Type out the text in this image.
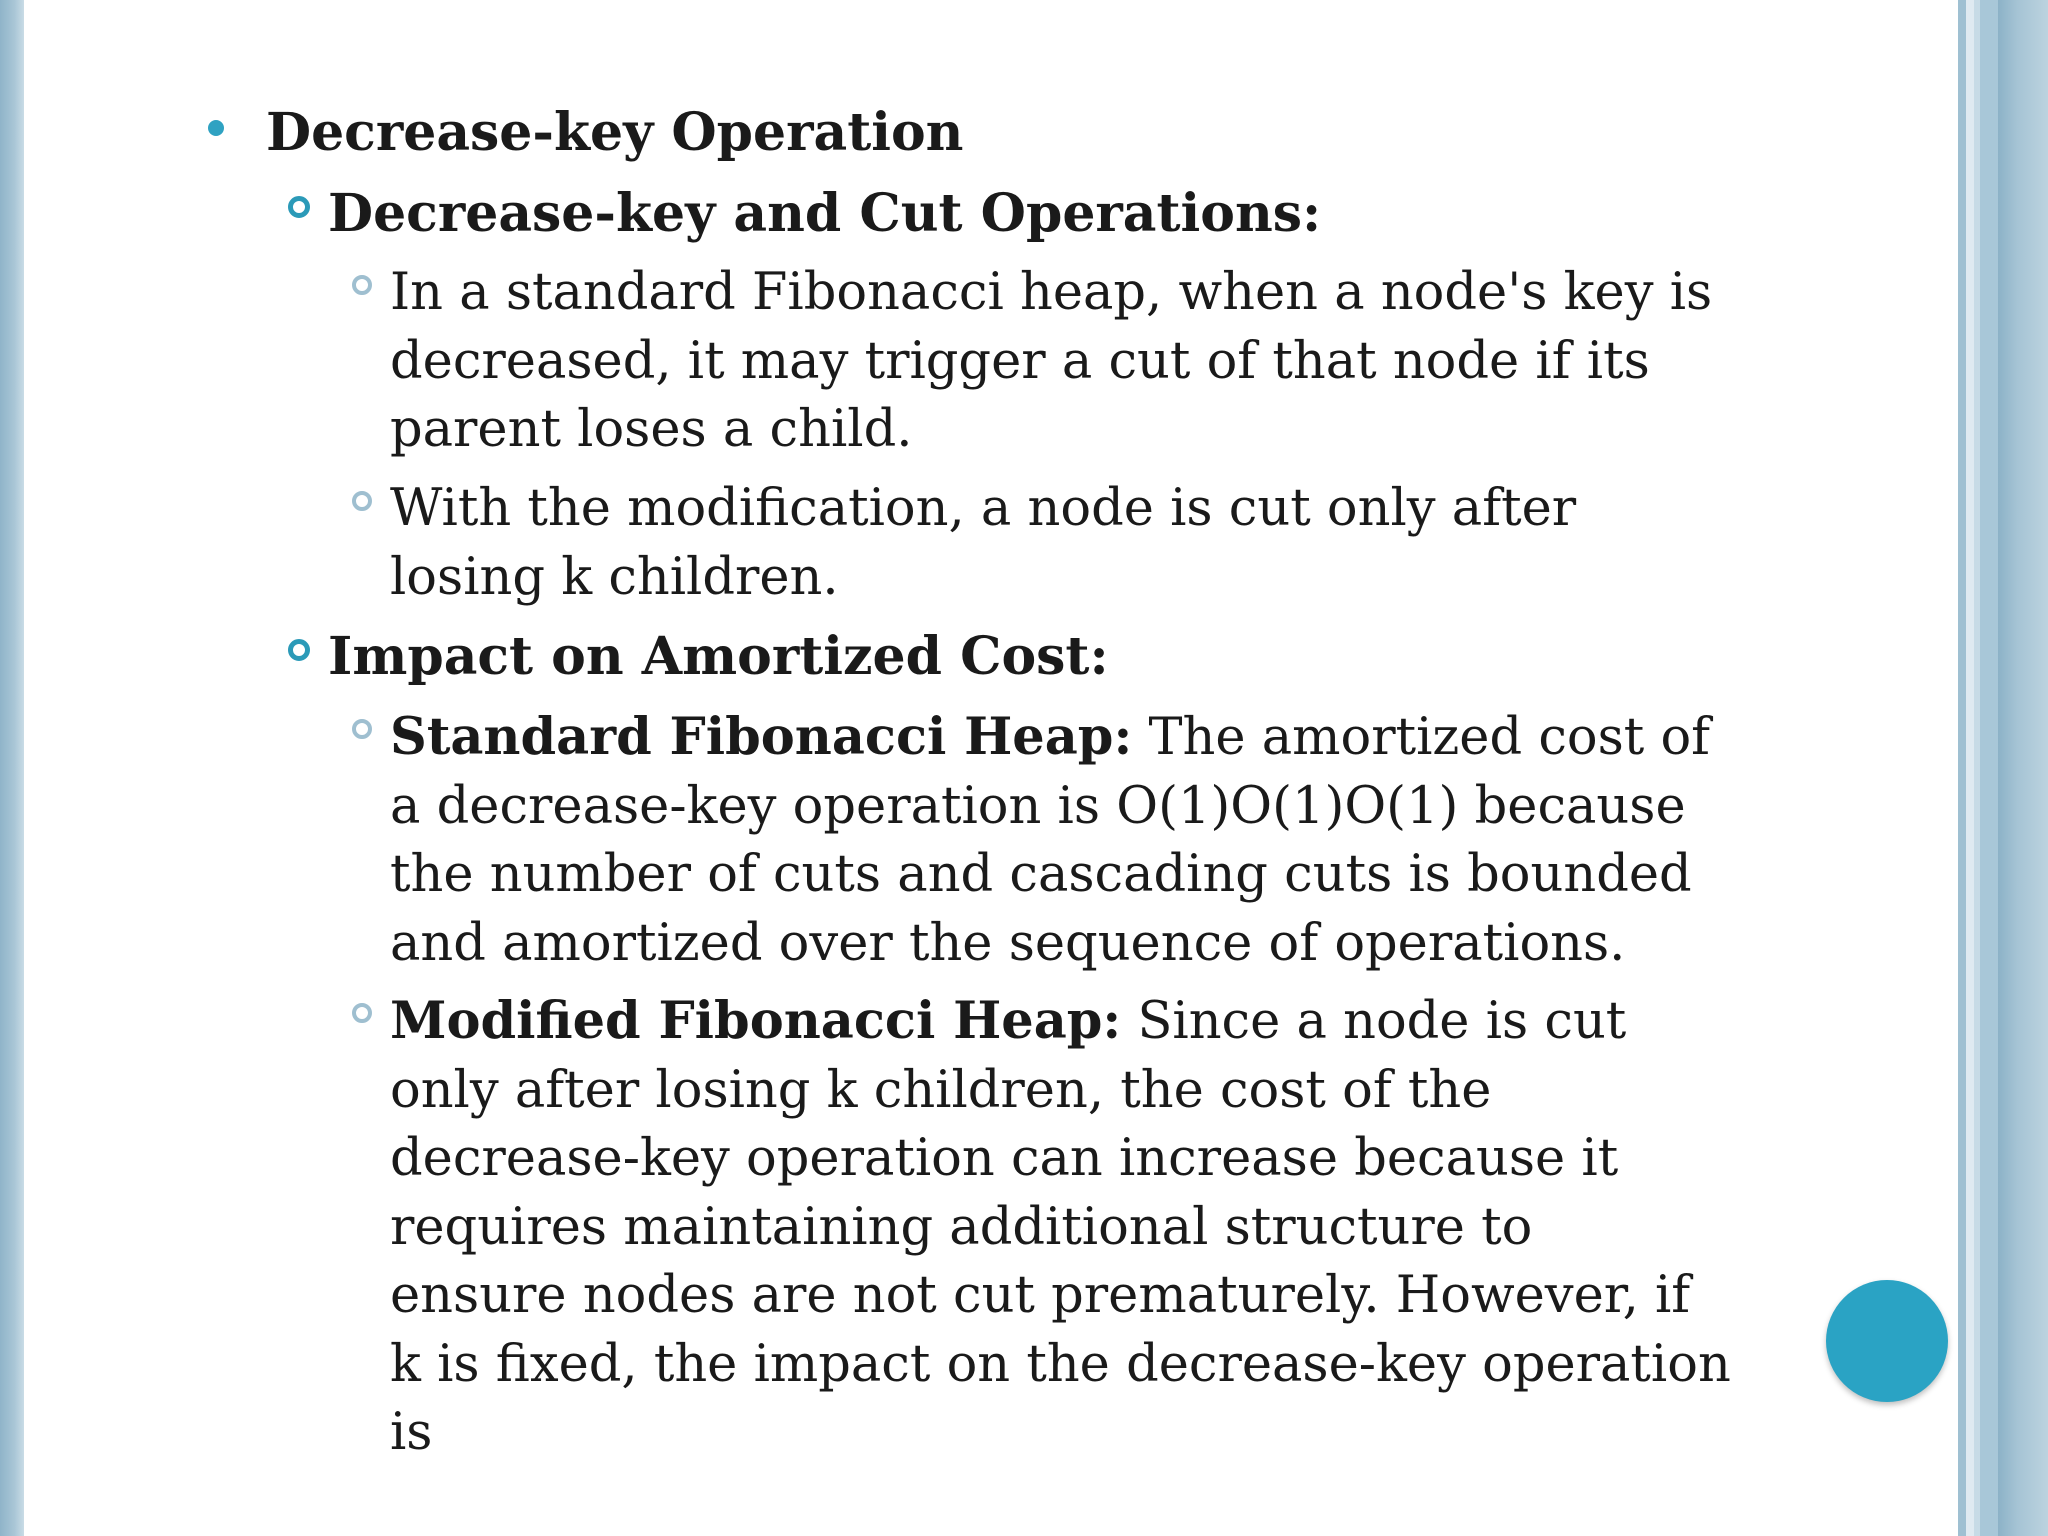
Decrease-key Operation
Decrease-key and Cut Operations:
In a standard Fibonacci heap, when a node's key is
decreased, it may trigger a cut of that node if its
parent loses a child.
With the modification, a node is cut only after
losing k children.
Impact on Amortized Cost:
Standard Fibonacci Heap: The amortized cost of
a decrease-key operation is O(1)O(1)O(1) because
the number of cuts and cascading cuts is bounded
and amortized over the sequence of operations.
Modified Fibonacci Heap: Since a node is cut
only after losing k children, the cost of the
decrease-key operation can increase because it
requires maintaining additional structure to
ensure nodes are not cut prematurely. However, if
k is fixed, the impact on the decrease-key operation
is
